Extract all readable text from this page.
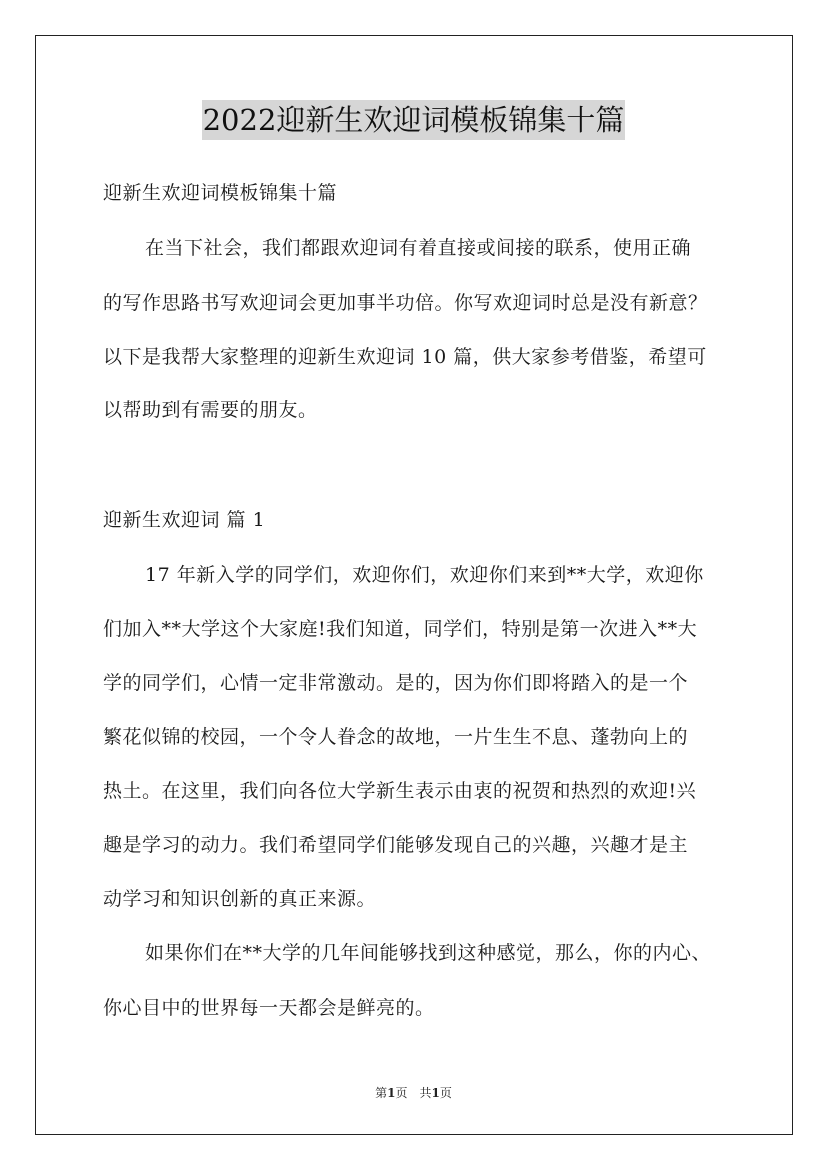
2022迎新生欢迎词模板锦集十篇
迎新生欢迎词模板锦集十篇
在当下社会，我们都跟欢迎词有着直接或间接的联系，使用正确
的写作思路书写欢迎词会更加事半功倍。你写欢迎词时总是没有新意？
以下是我帮大家整理的迎新生欢迎词 10 篇，供大家参考借鉴，希望可
以帮助到有需要的朋友。
迎新生欢迎词 篇 1
17 年新入学的同学们，欢迎你们，欢迎你们来到**大学，欢迎你
们加入**大学这个大家庭!我们知道，同学们，特别是第一次进入**大
学的同学们，心情一定非常激动。是的，因为你们即将踏入的是一个
繁花似锦的校园，一个令人眷念的故地，一片生生不息、蓬勃向上的
热土。在这里，我们向各位大学新生表示由衷的祝贺和热烈的欢迎!兴
趣是学习的动力。我们希望同学们能够发现自己的兴趣，兴趣才是主
动学习和知识创新的真正来源。
如果你们在**大学的几年间能够找到这种感觉，那么，你的内心、
你心目中的世界每一天都会是鲜亮的。
第1页 共1页
